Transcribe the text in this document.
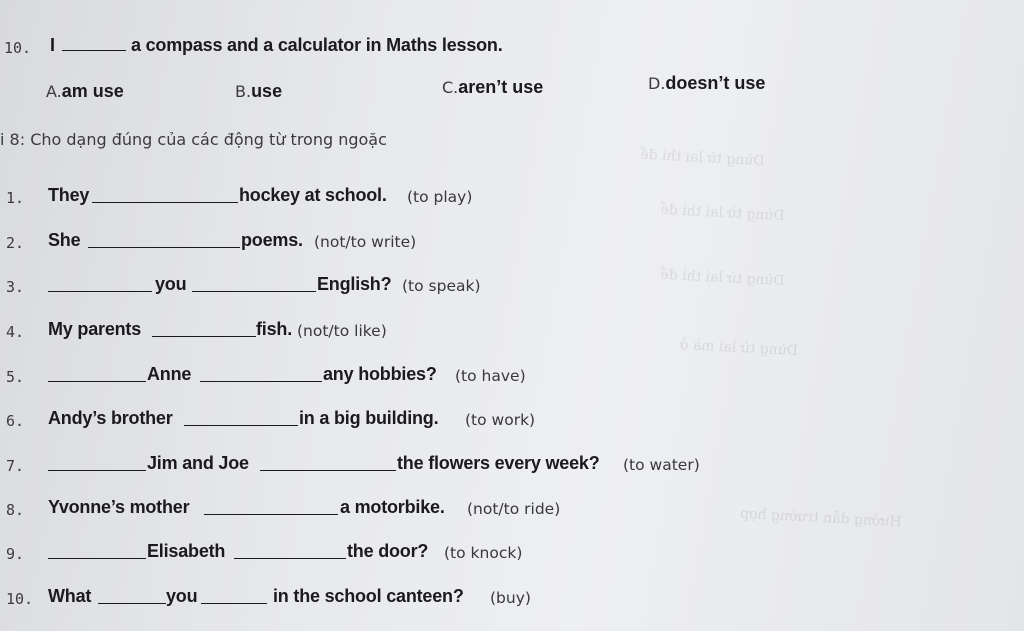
Dùng từ lai thì để
Dùng từ lai thì để
Dùng từ lai thì để
Dùng từ lai mà ở
Hướng dẫn trường hợp
10. I	a compass and a calculator in Maths lesson.
A.am use	B.use	C.aren’t use	D.doesn’t use
i 8: Cho dạng đúng của các động từ trong ngoặc
1. They	hockey at school. (to play)
2. She	poems. (not/to write)
3.	you	English? (to speak)
4. My parents	fish. (not/to like)
5.	Anne	any hobbies? (to have)
6. Andy’s brother	in a big building. (to work)
7.	Jim and Joe	the flowers every week? (to water)
8. Yvonne’s mother	a motorbike. (not/to ride)
9.	Elisabeth	the door? (to knock)
10. What	you	in the school canteen? (buy)
